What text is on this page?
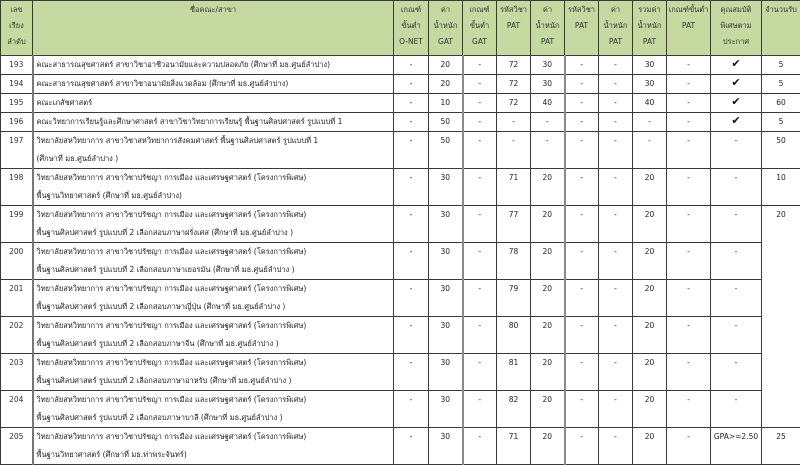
เลข
เรียง
ลำดับ	ชื่อคณะ/สาขา	เกณฑ์
ขั้นต่ำ
O-NET	ค่า
น้ำหนัก
GAT	เกณฑ์
ขั้นต่ำ
GAT	รหัสวิชา
PAT	ค่า
น้ำหนัก
PAT	รหัสวิชา
PAT	ค่า
น้ำหนัก
PAT	รวมค่า
น้ำหนัก
PAT	เกณฑ์ขั้นต่ำ
PAT	คุณสมบัติ
พิเศษตาม
ประกาศ	จำนวนรับ
193	คณะสาธารณสุขศาสตร์ สาขาวิชาอาชีวอนามัยและความปลอดภัย (ศึกษาที่ มธ.ศูนย์ลำปาง)	-	20	-	72	30	-	-	30	-	✔	5
194	คณะสาธารณสุขศาสตร์ สาขาวิชาอนามัยสิ่งแวดล้อม (ศึกษาที่ มธ.ศูนย์ลำปาง)	-	20	-	72	30	-	-	30	-	✔	5
195	คณะเภสัชศาสตร์	-	10	-	72	40	-	-	40	-	✔	60
196	คณะวิทยาการเรียนรู้และศึกษาศาสตร์ สาขาวิชาวิทยาการเรียนรู้ พื้นฐานศิลปศาสตร์ รูปแบบที่ 1	-	50	-	-	-	-	-	-	-	✔	5
197	วิทยาลัยสหวิทยาการ สาขาวิชาสหวิทยาการสังคมศาสตร์ พื้นฐานศิลปศาสตร์ รูปแบบที่ 1
(ศึกษาที่ มธ.ศูนย์ลำปาง )	-	50	-	-	-	-	-	-	-	-	50
198	วิทยาลัยสหวิทยาการ สาขาวิชาปรัชญา การเมือง และเศรษฐศาสตร์ (โครงการพิเศษ)
พื้นฐานวิทยาศาสตร์ (ศึกษาที่ มธ.ศูนย์ลำปาง)	-	30	-	71	20	-	-	20	-	-	10
199	วิทยาลัยสหวิทยาการ สาขาวิชาปรัชญา การเมือง และเศรษฐศาสตร์ (โครงการพิเศษ)
พื้นฐานศิลปศาสตร์ รูปแบบที่ 2 เลือกสอบภาษาฝรั่งเศส (ศึกษาที่ มธ.ศูนย์ลำปาง )	-	30	-	77	20	-	-	20	-	-	20
200	วิทยาลัยสหวิทยาการ สาขาวิชาปรัชญา การเมือง และเศรษฐศาสตร์ (โครงการพิเศษ)
พื้นฐานศิลปศาสตร์ รูปแบบที่ 2 เลือกสอบภาษาเยอรมัน (ศึกษาที่ มธ.ศูนย์ลำปาง )	-	30	-	78	20	-	-	20	-	-	
201	วิทยาลัยสหวิทยาการ สาขาวิชาปรัชญา การเมือง และเศรษฐศาสตร์ (โครงการพิเศษ)
พื้นฐานศิลปศาสตร์ รูปแบบที่ 2 เลือกสอบภาษาญี่ปุ่น (ศึกษาที่ มธ.ศูนย์ลำปาง )	-	30	-	79	20	-	-	20	-	-	
202	วิทยาลัยสหวิทยาการ สาขาวิชาปรัชญา การเมือง และเศรษฐศาสตร์ (โครงการพิเศษ)
พื้นฐานศิลปศาสตร์ รูปแบบที่ 2 เลือกสอบภาษาจีน (ศึกษาที่ มธ.ศูนย์ลำปาง )	-	30	-	80	20	-	-	20	-	-	
203	วิทยาลัยสหวิทยาการ สาขาวิชาปรัชญา การเมือง และเศรษฐศาสตร์ (โครงการพิเศษ)
พื้นฐานศิลปศาสตร์ รูปแบบที่ 2 เลือกสอบภาษาอาหรับ (ศึกษาที่ มธ.ศูนย์ลำปาง )	-	30	-	81	20	-	-	20	-	-	
204	วิทยาลัยสหวิทยาการ สาขาวิชาปรัชญา การเมือง และเศรษฐศาสตร์ (โครงการพิเศษ)
พื้นฐานศิลปศาสตร์ รูปแบบที่ 2 เลือกสอบภาษาบาลี (ศึกษาที่ มธ.ศูนย์ลำปาง )	-	30	-	82	20	-	-	20	-	-	
205	วิทยาลัยสหวิทยาการ สาขาวิชาปรัชญา การเมือง และเศรษฐศาสตร์ (โครงการพิเศษ)
พื้นฐานวิทยาศาสตร์ (ศึกษาที่ มธ.ท่าพระจันทร์)	-	30	-	71	20	-	-	20	-	GPA>=2.50	25
